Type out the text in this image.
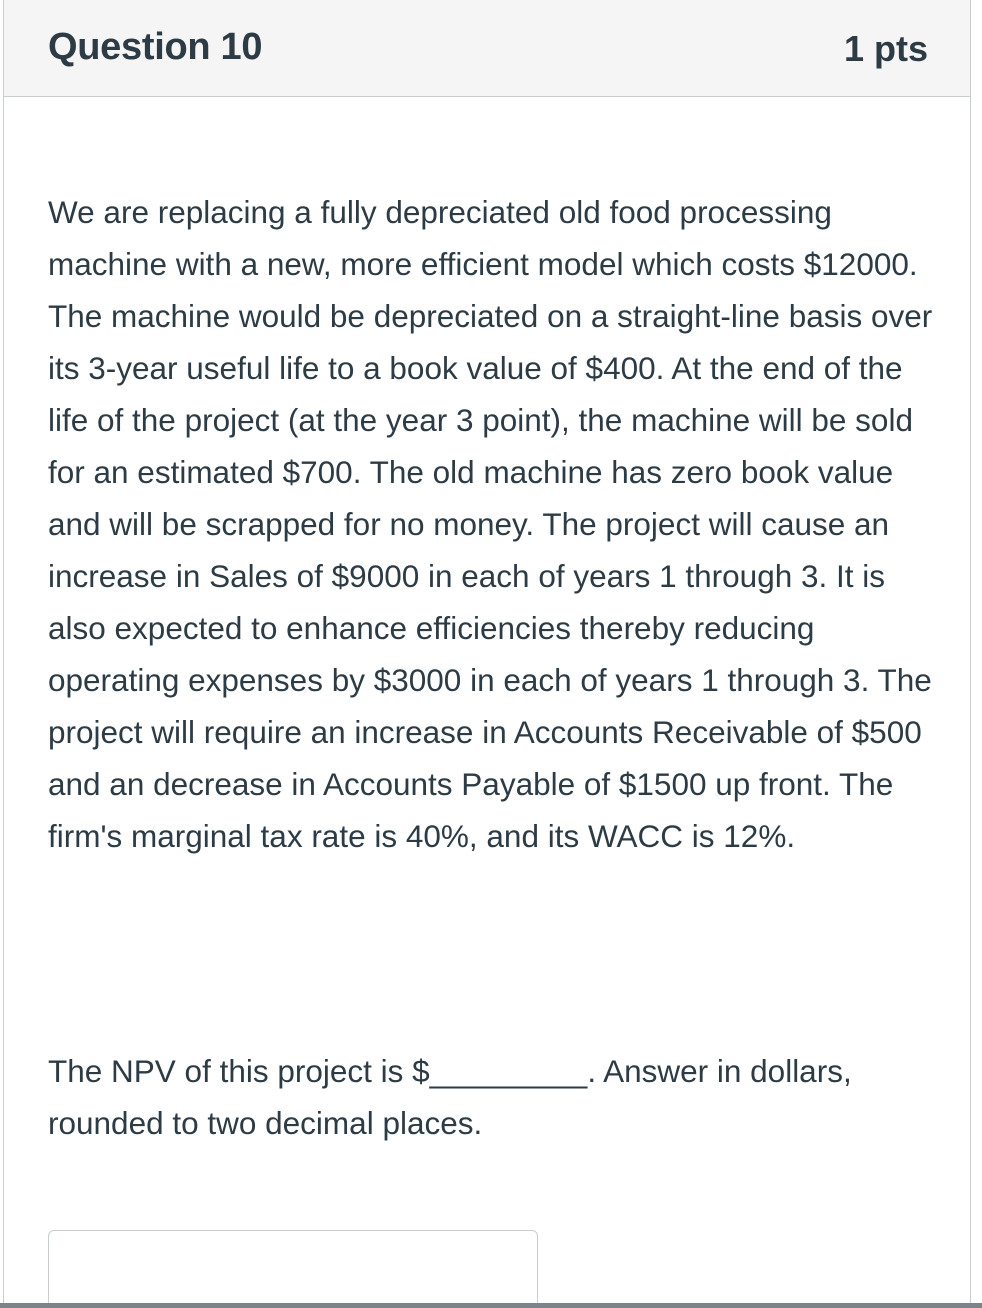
Question 10	1 pts

We are replacing a fully depreciated old food processing machine with a new, more efficient model which costs $12000. The machine would be depreciated on a straight-line basis over its 3-year useful life to a book value of $400. At the end of the life of the project (at the year 3 point), the machine will be sold for an estimated $700. The old machine has zero book value and will be scrapped for no money. The project will cause an increase in Sales of $9000 in each of years 1 through 3. It is also expected to enhance efficiencies thereby reducing operating expenses by $3000 in each of years 1 through 3. The project will require an increase in Accounts Receivable of $500 and an decrease in Accounts Payable of $1500 up front. The firm's marginal tax rate is 40%, and its WACC is 12%.

The NPV of this project is $_________. Answer in dollars, rounded to two decimal places.
